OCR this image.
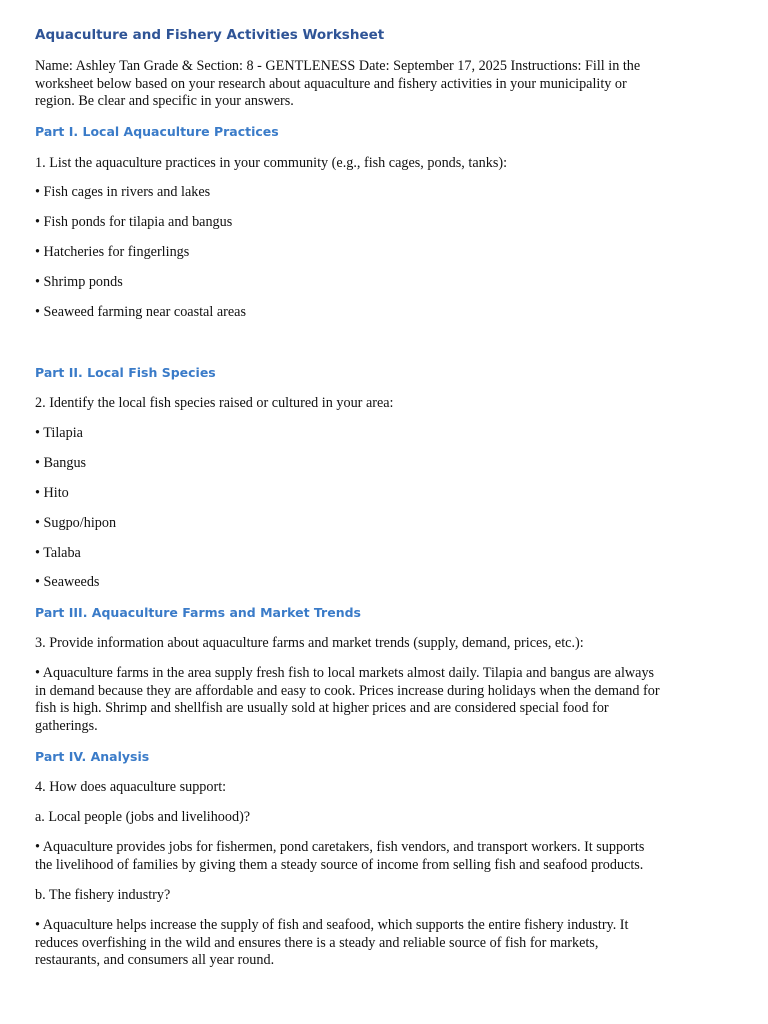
Aquaculture and Fishery Activities Worksheet
Name: Ashley Tan Grade & Section: 8 - GENTLENESS Date: September 17, 2025 Instructions: Fill in the
worksheet below based on your research about aquaculture and fishery activities in your municipality or
region. Be clear and specific in your answers.
Part I. Local Aquaculture Practices
1. List the aquaculture practices in your community (e.g., fish cages, ponds, tanks):
• Fish cages in rivers and lakes
• Fish ponds for tilapia and bangus
• Hatcheries for fingerlings
• Shrimp ponds
• Seaweed farming near coastal areas
Part II. Local Fish Species
2. Identify the local fish species raised or cultured in your area:
• Tilapia
• Bangus
• Hito
• Sugpo/hipon
• Talaba
• Seaweeds
Part III. Aquaculture Farms and Market Trends
3. Provide information about aquaculture farms and market trends (supply, demand, prices, etc.):
• Aquaculture farms in the area supply fresh fish to local markets almost daily. Tilapia and bangus are always
in demand because they are affordable and easy to cook. Prices increase during holidays when the demand for
fish is high. Shrimp and shellfish are usually sold at higher prices and are considered special food for
gatherings.
Part IV. Analysis
4. How does aquaculture support:
a. Local people (jobs and livelihood)?
• Aquaculture provides jobs for fishermen, pond caretakers, fish vendors, and transport workers. It supports
the livelihood of families by giving them a steady source of income from selling fish and seafood products.
b. The fishery industry?
• Aquaculture helps increase the supply of fish and seafood, which supports the entire fishery industry. It
reduces overfishing in the wild and ensures there is a steady and reliable source of fish for markets,
restaurants, and consumers all year round.
